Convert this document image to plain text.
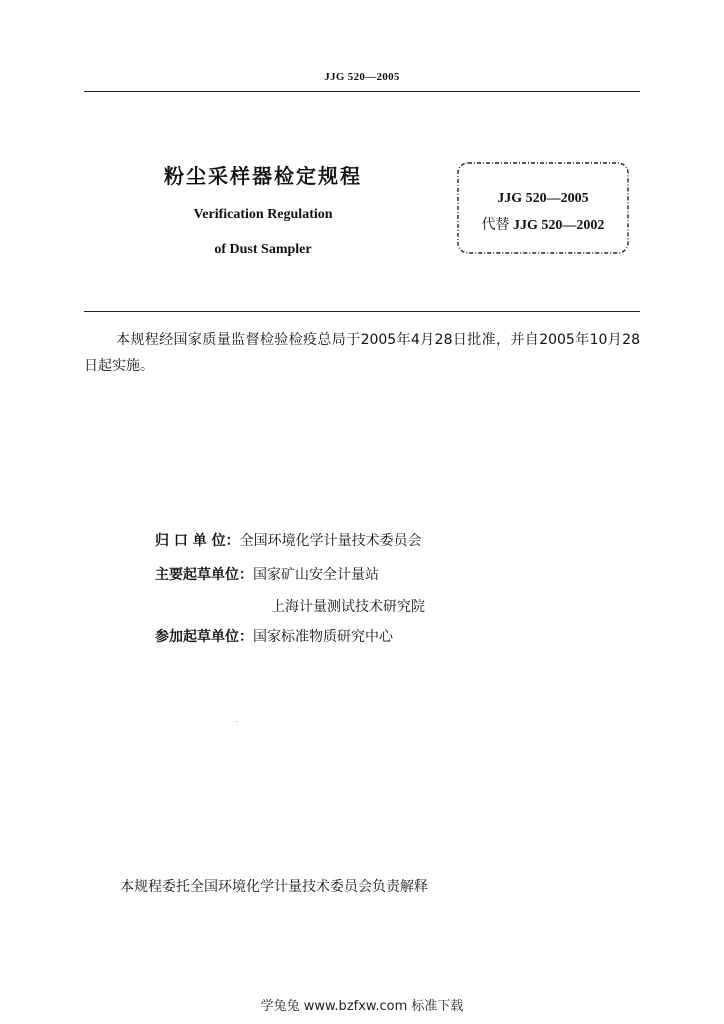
JJG 520—2005
粉尘采样器检定规程
Verification Regulation
of Dust Sampler
JJG 520—2005
代替 JJG 520—2002
本规程经国家质量监督检验检疫总局于2005年4月28日批准，并自2005年10月28日起实施。
归 口 单 位：全国环境化学计量技术委员会
主要起草单位：国家矿山安全计量站
上海计量测试技术研究院
参加起草单位：国家标准物质研究中心
本规程委托全国环境化学计量技术委员会负责解释
学兔兔 www.bzfxw.com 标准下载
